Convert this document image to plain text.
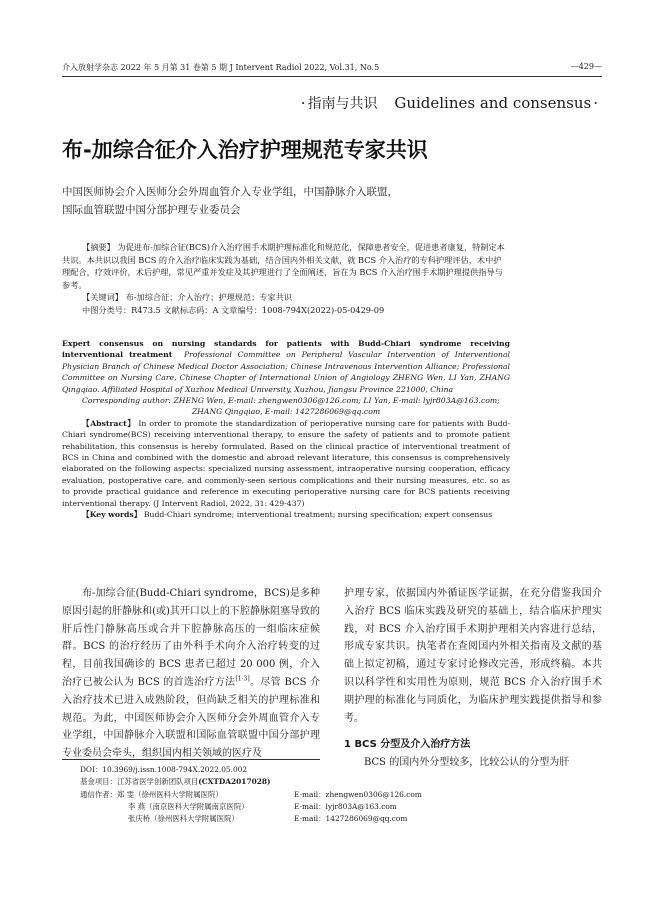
介入放射学杂志 2022 年 5 月第 31 卷第 5 期 J Intervent Radiol 2022, Vol.31, No.5	—429—
· 指南与共识 Guidelines and consensus ·
布-加综合征介入治疗护理规范专家共识
中国医师协会介入医师分会外周血管介入专业学组，中国静脉介入联盟，
国际血管联盟中国分部护理专业委员会
【摘要】 为促进布-加综合征(BCS)介入治疗围手术期护理标准化和规范化，保障患者安全，促进患者康复，特制定本共识。本共识以我国 BCS 的介入治疗临床实践为基础，结合国内外相关文献，就 BCS 介入治疗的专科护理评估，术中护理配合，疗效评价，术后护理，常见严重并发症及其护理进行了全面阐述，旨在为 BCS 介入治疗围手术期护理提供指导与参考。
【关键词】 布-加综合征；介入治疗；护理规范；专家共识
中图分类号：R473.5 文献标志码：A 文章编号：1008-794X(2022)-05-0429-09

Expert consensus on nursing standards for patients with Budd-Chiari syndrome receiving interventional treatment Professional Committee on Peripheral Vascular Intervention of Interventional Physician Branch of Chinese Medical Doctor Association; Chinese Intravenous Intervention Alliance; Professional Committee on Nursing Care, Chinese Chapter of International Union of Angiology ZHENG Wen, LI Yan, ZHANG Qingqiao. Affiliated Hospital of Xuzhou Medical University, Xuzhou, Jiangsu Province 221000, China

Corresponding author: ZHENG Wen, E-mail: zhengwen0306@126.com; LI Yan, E-mail: lyjr803A@163.com;

ZHANG Qingqiao, E-mail: 1427286069@qq.com

【Abstract】 In order to promote the standardization of perioperative nursing care for patients with Budd-Chiari syndrome(BCS) receiving interventional therapy, to ensure the safety of patients and to promote patient rehabilitation, this consensus is hereby formulated. Based on the clinical practice of interventional treatment of BCS in China and combined with the domestic and abroad relevant literature, this consensus is comprehensively elaborated on the following aspects: specialized nursing assessment, intraoperative nursing cooperation, efficacy evaluation, postoperative care, and commonly-seen serious complications and their nursing measures, etc. so as to provide practical guidance and reference in executing perioperative nursing care for BCS patients receiving interventional therapy. (J Intervent Radiol, 2022, 31: 429-437)

【Key words】 Budd-Chiari syndrome; interventional treatment; nursing specification; expert consensus

布-加综合征(Budd-Chiari syndrome，BCS)是多种原因引起的肝静脉和(或)其开口以上的下腔静脉阻塞导致的肝后性门静脉高压或合并下腔静脉高压的一组临床症候群。BCS 的治疗经历了由外科手术向介入治疗转变的过程，目前我国确诊的 BCS 患者已超过 20 000 例，介入治疗已被公认为 BCS 的首选治疗方法[1-3]。尽管 BCS 介入治疗技术已进入成熟阶段，但尚缺乏相关的护理标准和规范。为此，中国医师协会介入医师分会外周血管介入专业学组，中国静脉介入联盟和国际血管联盟中国分部护理专业委员会牵头，组织国内相关领域的医疗及

护理专家，依据国内外循证医学证据，在充分借鉴我国介入治疗 BCS 临床实践及研究的基础上，结合临床护理实践，对 BCS 介入治疗围手术期护理相关内容进行总结，形成专家共识。执笔者在查阅国内外相关指南及文献的基础上拟定初稿，通过专家讨论修改完善，形成终稿。本共识以科学性和实用性为原则，规范 BCS 介入治疗围手术期护理的标准化与同质化，为临床护理实践提供指导和参考。

1 BCS 分型及介入治疗方法

BCS 的国内外分型较多，比较公认的分型为肝

DOI：10.3969/j.issn.1008-794X.2022.05.002
基金项目：江苏省医学创新团队项目(CXTDA2017028)
通信作者：郑 雯（徐州医科大学附属医院）	E-mail：zhengwen0306@126.com
李 燕（南京医科大学附属南京医院）	E-mail：lyjr803A@163.com
张庆桥（徐州医科大学附属医院）	E-mail：1427286069@qq.com
